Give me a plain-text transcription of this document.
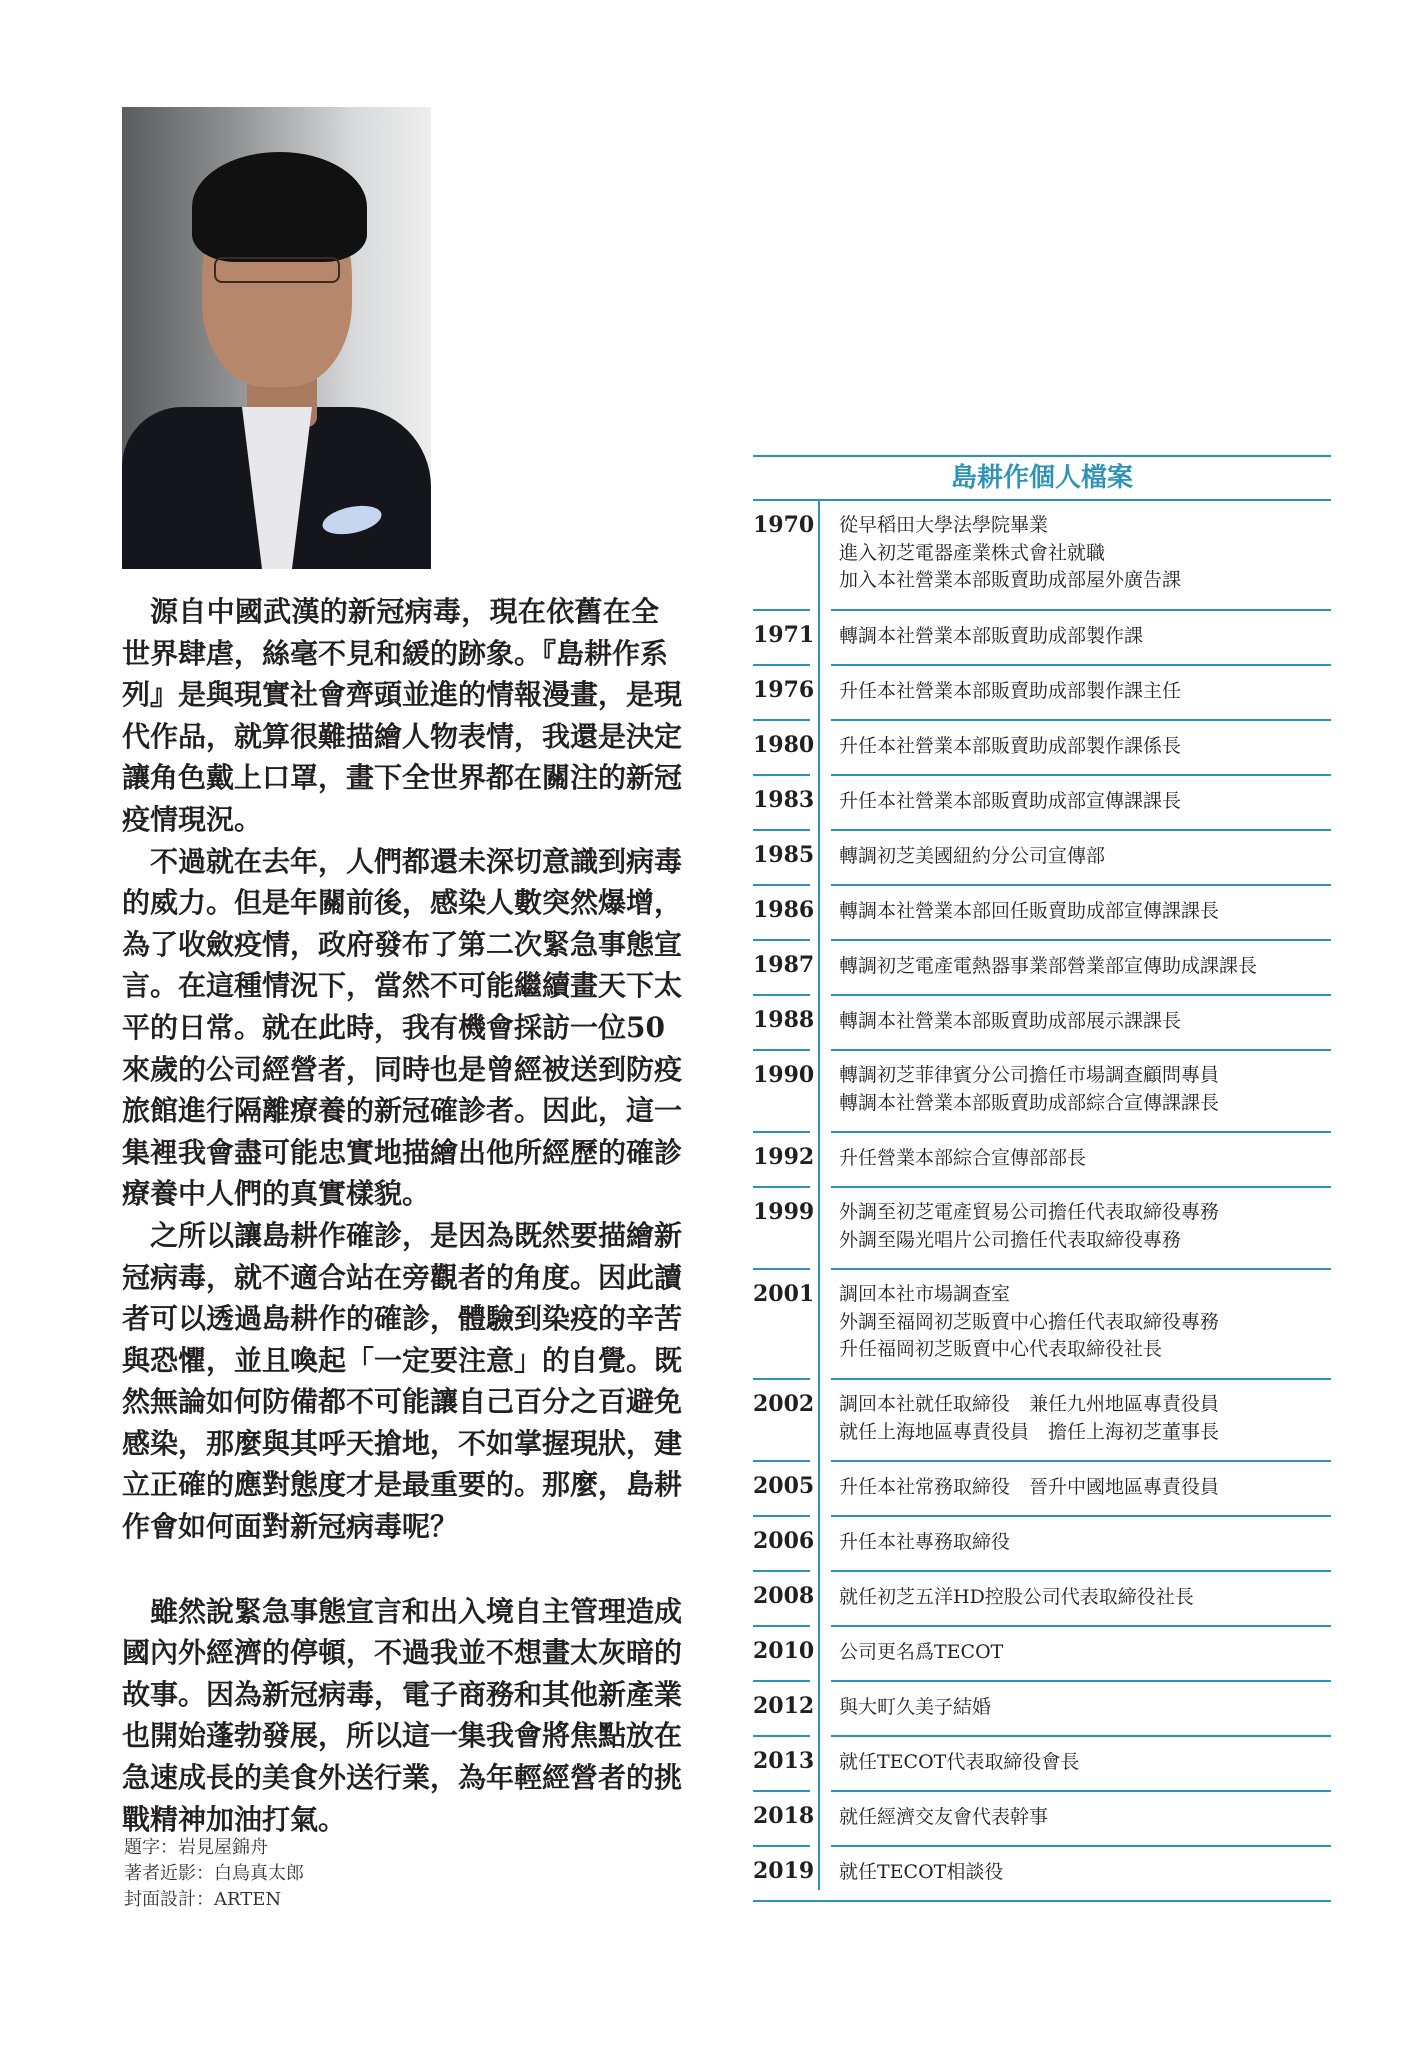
源自中國武漢的新冠病毒，現在依舊在全
世界肆虐，絲毫不見和緩的跡象。『島耕作系
列』是與現實社會齊頭並進的情報漫畫，是現
代作品，就算很難描繪人物表情，我還是決定
讓角色戴上口罩，畫下全世界都在關注的新冠
疫情現況。
不過就在去年，人們都還未深切意識到病毒
的威力。但是年關前後，感染人數突然爆增，
為了收斂疫情，政府發布了第二次緊急事態宣
言。在這種情況下，當然不可能繼續畫天下太
平的日常。就在此時，我有機會採訪一位50
來歲的公司經營者，同時也是曾經被送到防疫
旅館進行隔離療養的新冠確診者。因此，這一
集裡我會盡可能忠實地描繪出他所經歷的確診
療養中人們的真實樣貌。
之所以讓島耕作確診，是因為既然要描繪新
冠病毒，就不適合站在旁觀者的角度。因此讀
者可以透過島耕作的確診，體驗到染疫的辛苦
與恐懼，並且喚起「一定要注意」的自覺。既
然無論如何防備都不可能讓自己百分之百避免
感染，那麼與其呼天搶地，不如掌握現狀，建
立正確的應對態度才是最重要的。那麼，島耕
作會如何面對新冠病毒呢？
雖然說緊急事態宣言和出入境自主管理造成
國內外經濟的停頓，不過我並不想畫太灰暗的
故事。因為新冠病毒，電子商務和其他新產業
也開始蓬勃發展，所以這一集我會將焦點放在
急速成長的美食外送行業，為年輕經營者的挑
戰精神加油打氣。
題字：岩見屋錦舟
著者近影：白鳥真太郎
封面設計：ARTEN
島耕作個人檔案
1970 從早稻田大學法學院畢業
進入初芝電器產業株式會社就職
加入本社營業本部販賣助成部屋外廣告課
1971 轉調本社營業本部販賣助成部製作課
1976 升任本社營業本部販賣助成部製作課主任
1980 升任本社營業本部販賣助成部製作課係長
1983 升任本社營業本部販賣助成部宣傳課課長
1985 轉調初芝美國紐約分公司宣傳部
1986 轉調本社營業本部回任販賣助成部宣傳課課長
1987 轉調初芝電產電熱器事業部營業部宣傳助成課課長
1988 轉調本社營業本部販賣助成部展示課課長
1990 轉調初芝菲律賓分公司擔任市場調查顧問專員
轉調本社營業本部販賣助成部綜合宣傳課課長
1992 升任營業本部綜合宣傳部部長
1999 外調至初芝電產貿易公司擔任代表取締役專務
外調至陽光唱片公司擔任代表取締役專務
2001 調回本社市場調查室
外調至福岡初芝販賣中心擔任代表取締役專務
升任福岡初芝販賣中心代表取締役社長
2002 調回本社就任取締役　兼任九州地區專責役員
就任上海地區專責役員　擔任上海初芝董事長
2005 升任本社常務取締役　晉升中國地區專責役員
2006 升任本社專務取締役
2008 就任初芝五洋HD控股公司代表取締役社長
2010 公司更名爲TECOT
2012 與大町久美子結婚
2013 就任TECOT代表取締役會長
2018 就任經濟交友會代表幹事
2019 就任TECOT相談役
